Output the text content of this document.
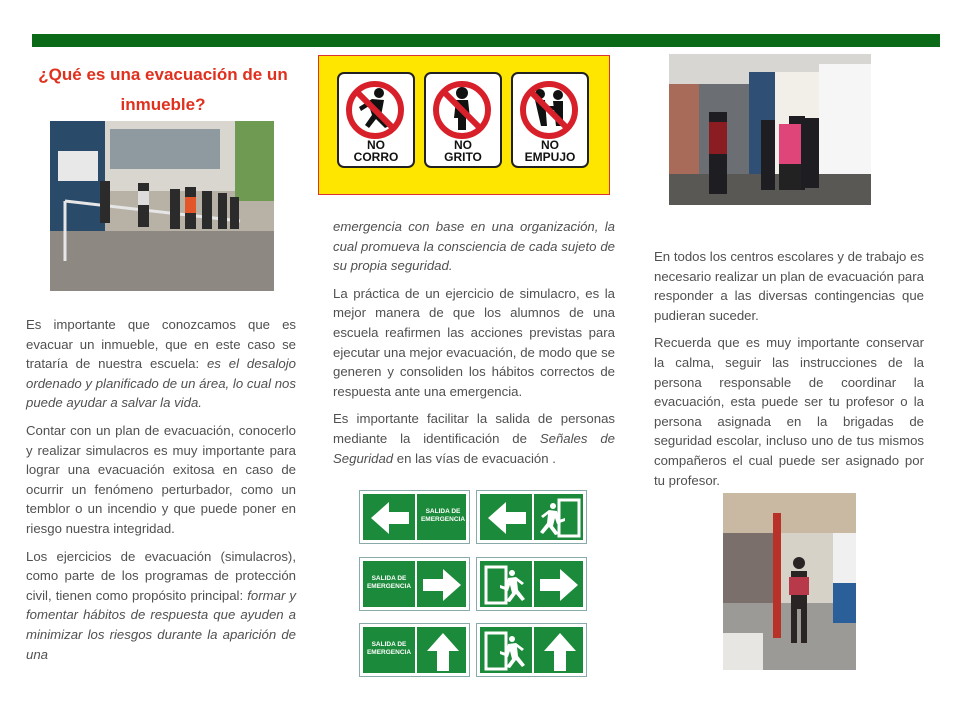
¿Qué es una evacuación de un inmueble?

Es importante que conozcamos que es evacuar un inmueble, que en este caso se trataría de nuestra escuela: es el desalojo ordenado y planificado de un área, lo cual nos puede ayudar a salvar la vida.

Contar con un plan de evacuación, conocerlo y realizar simulacros es muy importante para lograr una evacuación exitosa en caso de ocurrir un fenómeno perturbador, como un temblor o un incendio y que puede poner en riesgo nuestra integridad.

Los ejercicios de evacuación (simulacros), como parte de los programas de protección civil, tienen como propósito principal: formar y fomentar hábitos de respuesta que ayuden a minimizar los riesgos durante la aparición de una

NO
CORRO
NO
GRITO
NO
EMPUJO

emergencia con base en una organización, la cual promueva la consciencia de cada sujeto de su propia seguridad.

La práctica de un ejercicio de simulacro, es la mejor manera de que los alumnos de una escuela reafirmen las acciones previstas para ejecutar una mejor evacuación, de modo que se generen y consoliden los hábitos correctos de respuesta ante una emergencia.

Es importante facilitar la salida de personas mediante la identificación de Señales de Seguridad en las vías de evacuación .

SALIDA DE
EMERGENCIA
SALIDA DE
EMERGENCIA
SALIDA DE
EMERGENCIA

En todos los centros escolares y de trabajo es necesario realizar un plan de evacuación para responder a las diversas contingencias que pudieran suceder.

Recuerda que es muy importante conservar la calma, seguir las instrucciones de la persona responsable de coordinar la evacuación, esta puede ser tu profesor o la persona asignada en la brigadas de seguridad escolar, incluso uno de tus mismos compañeros el cual puede ser asignado por tu profesor.
